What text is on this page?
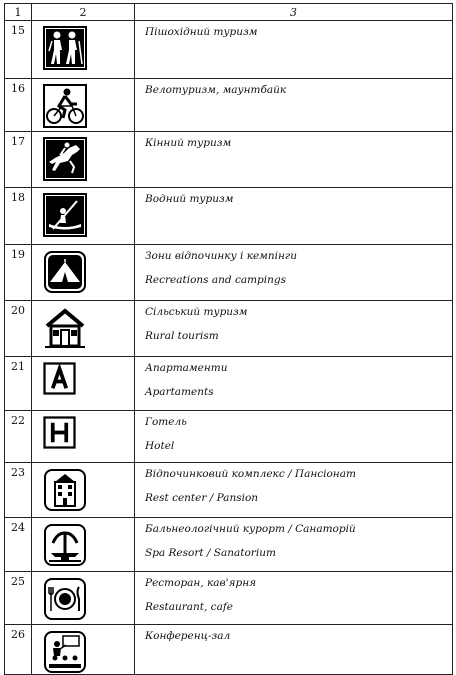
1	2	3
15		Пішохідний туризм

16		Велотуризм, маунтбайк

17		Кінний туризм

18		Водний туризм

19		Зони відпочинку і кемпінги
Recreations and campings

20		Сільський туризм
Rural tourism

21		Апартаменти
Apartaments

22		Готель
Hotel

23		Відпочинковий комплекс / Пансіонат
Rest center / Pansion

24		Бальнеологічний курорт / Санаторій
Spa Resort / Sanatorium

25		Ресторан, кав'ярня
Restaurant, cafe

26		Конференц-зал
